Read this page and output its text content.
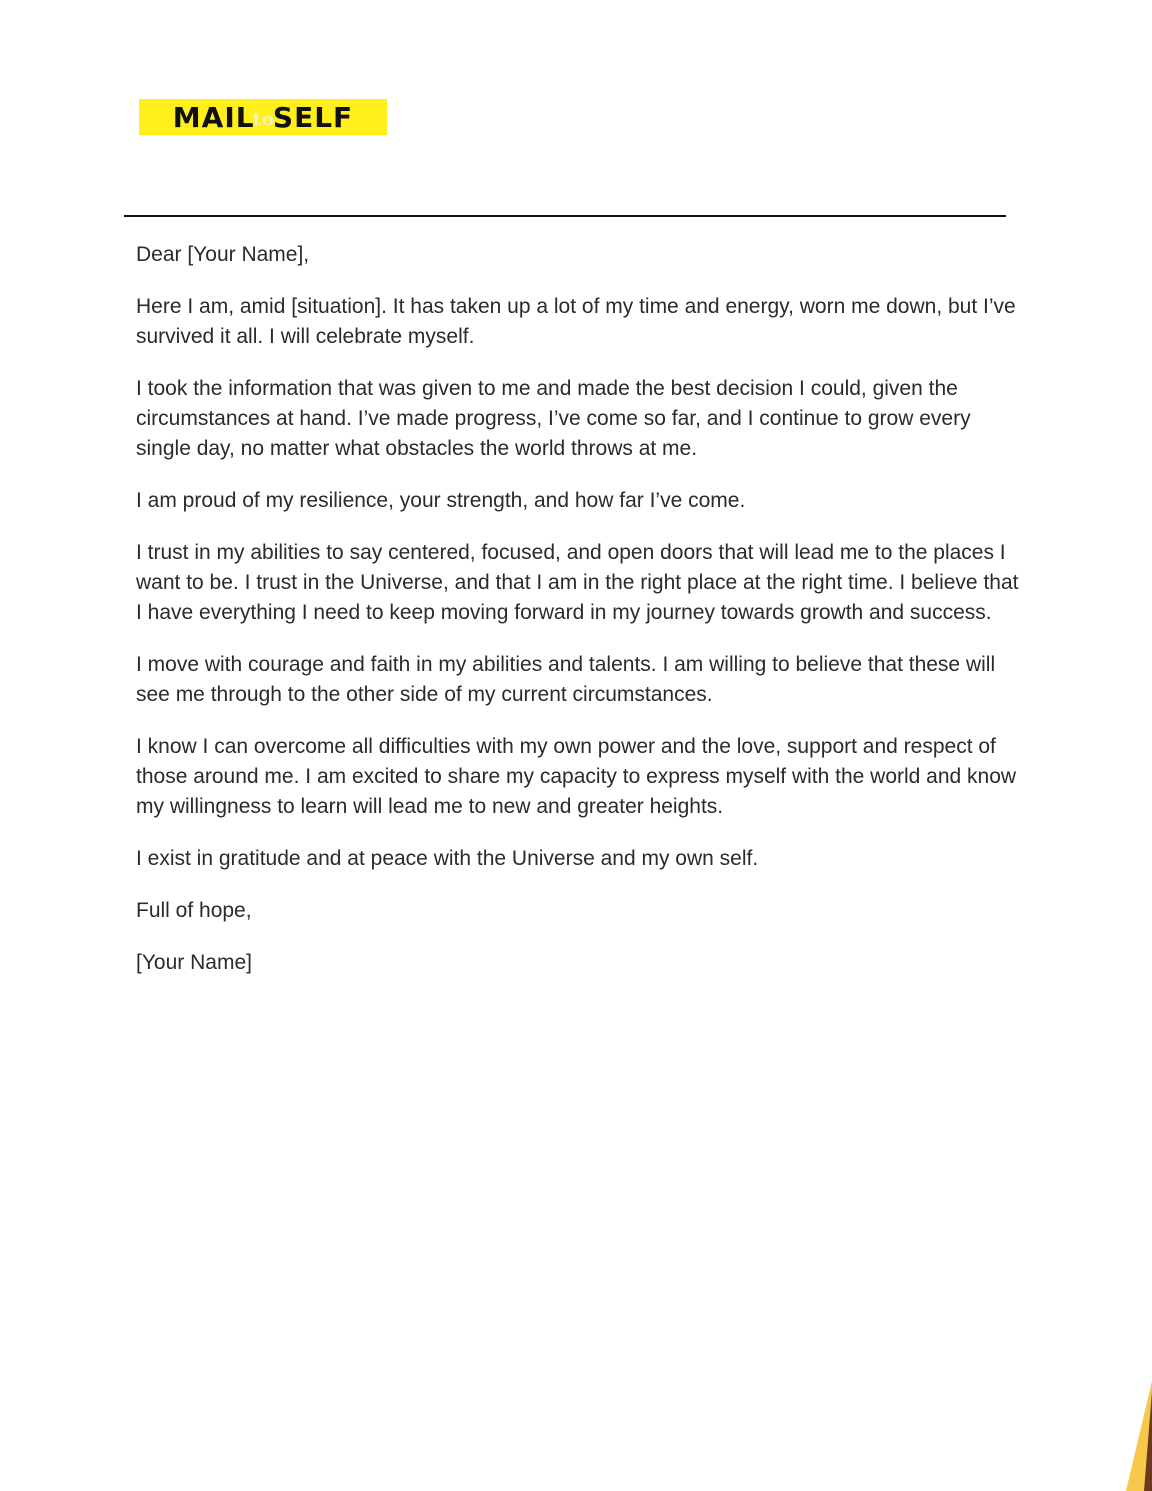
MAIL
to
SELF

Dear [Your Name],

Here I am, amid [situation]. It has taken up a lot of my time and energy, worn me down, but I’ve survived it all. I will celebrate myself.

I took the information that was given to me and made the best decision I could, given the circumstances at hand. I’ve made progress, I’ve come so far, and I continue to grow every single day, no matter what obstacles the world throws at me.

I am proud of my resilience, your strength, and how far I’ve come.

I trust in my abilities to say centered, focused, and open doors that will lead me to the places I want to be. I trust in the Universe, and that I am in the right place at the right time. I believe that I have everything I need to keep moving forward in my journey towards growth and success.

I move with courage and faith in my abilities and talents. I am willing to believe that these will see me through to the other side of my current circumstances.

I know I can overcome all difficulties with my own power and the love, support and respect of those around me. I am excited to share my capacity to express myself with the world and know my willingness to learn will lead me to new and greater heights.

I exist in gratitude and at peace with the Universe and my own self.

Full of hope,

[Your Name]
